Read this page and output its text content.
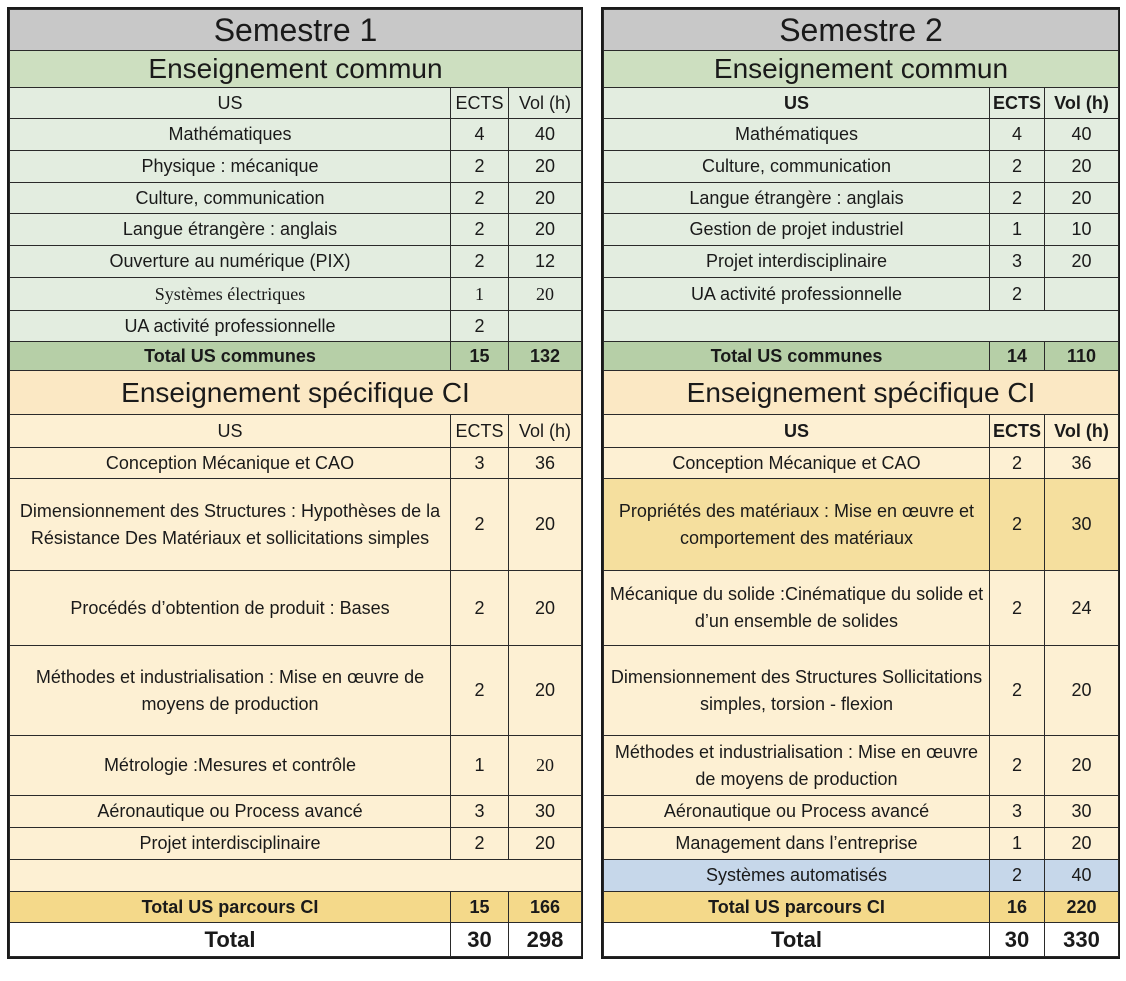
Semestre 1		
Enseignement commun		
US	ECTS	Vol (h)
Mathématiques	4	40
Physique : mécanique	2	20
Culture, communication	2	20
Langue étrangère : anglais	2	20
Ouverture au numérique (PIX)	2	12
Systèmes électriques	1	20
UA activité professionnelle	2	
Total US communes	15	132
Enseignement spécifique CI		
US	ECTS	Vol (h)
Conception Mécanique et CAO	3	36
Dimensionnement des Structures : Hypothèses de la Résistance Des Matériaux et sollicitations simples	2	20
Procédés d’obtention de produit : Bases	2	20
Méthodes et industrialisation : Mise en œuvre de moyens de production	2	20
Métrologie :Mesures et contrôle	1	20
Aéronautique ou Process avancé	3	30
Projet interdisciplinaire	2	20

Total US parcours CI	15	166
Total	30	298
Semestre 2		
Enseignement commun		
US	ECTS	Vol (h)
Mathématiques	4	40
Culture, communication	2	20
Langue étrangère : anglais	2	20
Gestion de projet industriel	1	10
Projet interdisciplinaire	3	20
UA activité professionnelle	2	

Total US communes	14	110
Enseignement spécifique CI		
US	ECTS	Vol (h)
Conception Mécanique et CAO	2	36
Propriétés des matériaux : Mise en œuvre et comportement des matériaux	2	30
Mécanique du solide :Cinématique du solide et d’un ensemble de solides	2	24
Dimensionnement des Structures Sollicitations simples, torsion - flexion	2	20
Méthodes et industrialisation : Mise en œuvre de moyens de production	2	20
Aéronautique ou Process avancé	3	30
Management dans l’entreprise	1	20
Systèmes automatisés	2	40
Total US parcours CI	16	220
Total	30	330
